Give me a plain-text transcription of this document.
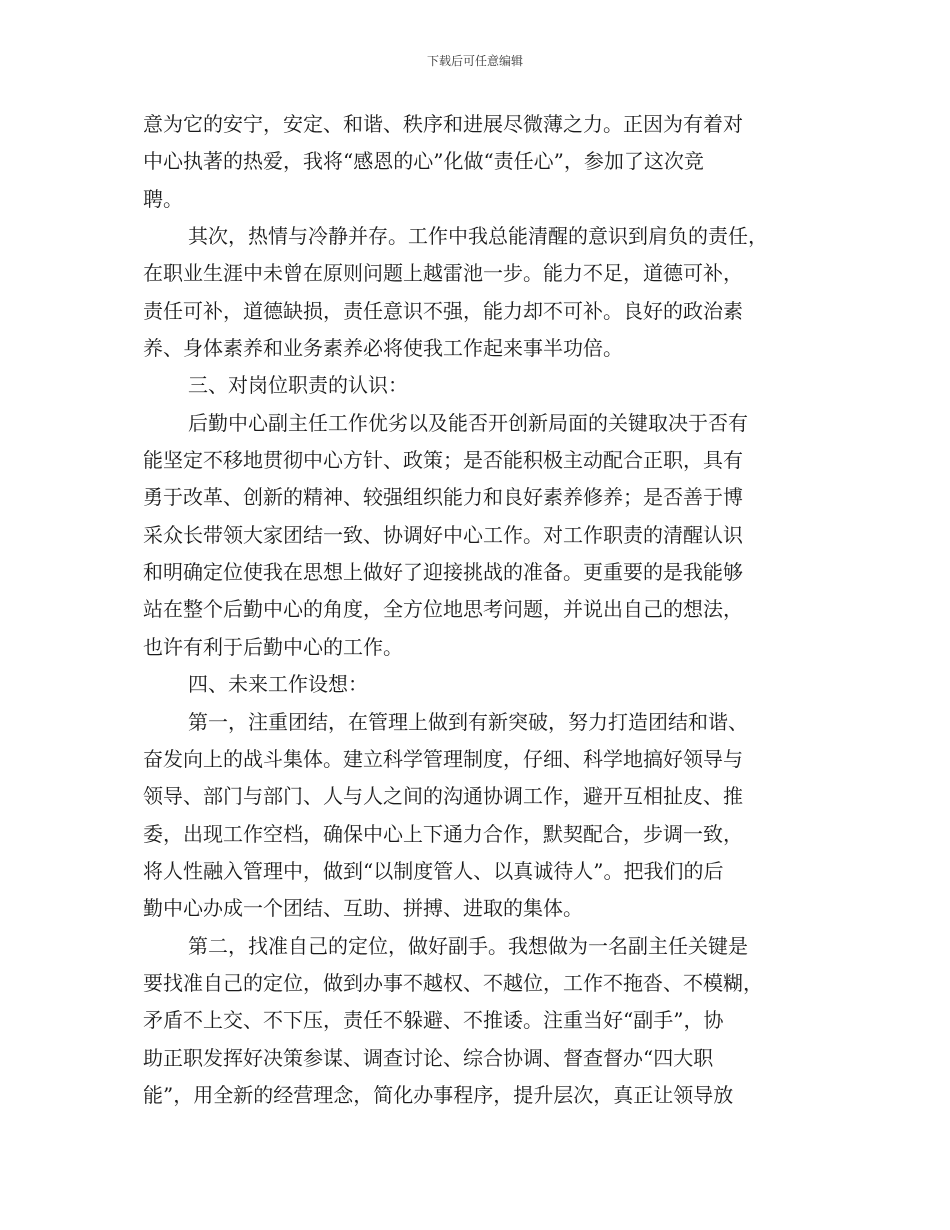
下载后可任意编辑
意为它的安宁，安定、和谐、秩序和进展尽微薄之力。正因为有着对
中心执著的热爱，我将“感恩的心”化做“责任心”，参加了这次竞
聘。
其次，热情与冷静并存。工作中我总能清醒的意识到肩负的责任，
在职业生涯中未曾在原则问题上越雷池一步。能力不足，道德可补，
责任可补，道德缺损，责任意识不强，能力却不可补。良好的政治素
养、身体素养和业务素养必将使我工作起来事半功倍。
三、对岗位职责的认识：
后勤中心副主任工作优劣以及能否开创新局面的关键取决于否有
能坚定不移地贯彻中心方针、政策；是否能积极主动配合正职，具有
勇于改革、创新的精神、较强组织能力和良好素养修养；是否善于博
采众长带领大家团结一致、协调好中心工作。对工作职责的清醒认识
和明确定位使我在思想上做好了迎接挑战的准备。更重要的是我能够
站在整个后勤中心的角度，全方位地思考问题，并说出自己的想法，
也许有利于后勤中心的工作。
四、未来工作设想：
第一，注重团结，在管理上做到有新突破，努力打造团结和谐、
奋发向上的战斗集体。建立科学管理制度，仔细、科学地搞好领导与
领导、部门与部门、人与人之间的沟通协调工作，避开互相扯皮、推
委，出现工作空档，确保中心上下通力合作，默契配合，步调一致，
将人性融入管理中，做到“以制度管人、以真诚待人”。把我们的后
勤中心办成一个团结、互助、拼搏、进取的集体。
第二，找准自己的定位，做好副手。我想做为一名副主任关键是
要找准自己的定位，做到办事不越权、不越位，工作不拖沓、不模糊，
矛盾不上交、不下压，责任不躲避、不推诿。注重当好“副手”，协
助正职发挥好决策参谋、调查讨论、综合协调、督查督办“四大职
能”，用全新的经营理念，简化办事程序，提升层次，真正让领导放
